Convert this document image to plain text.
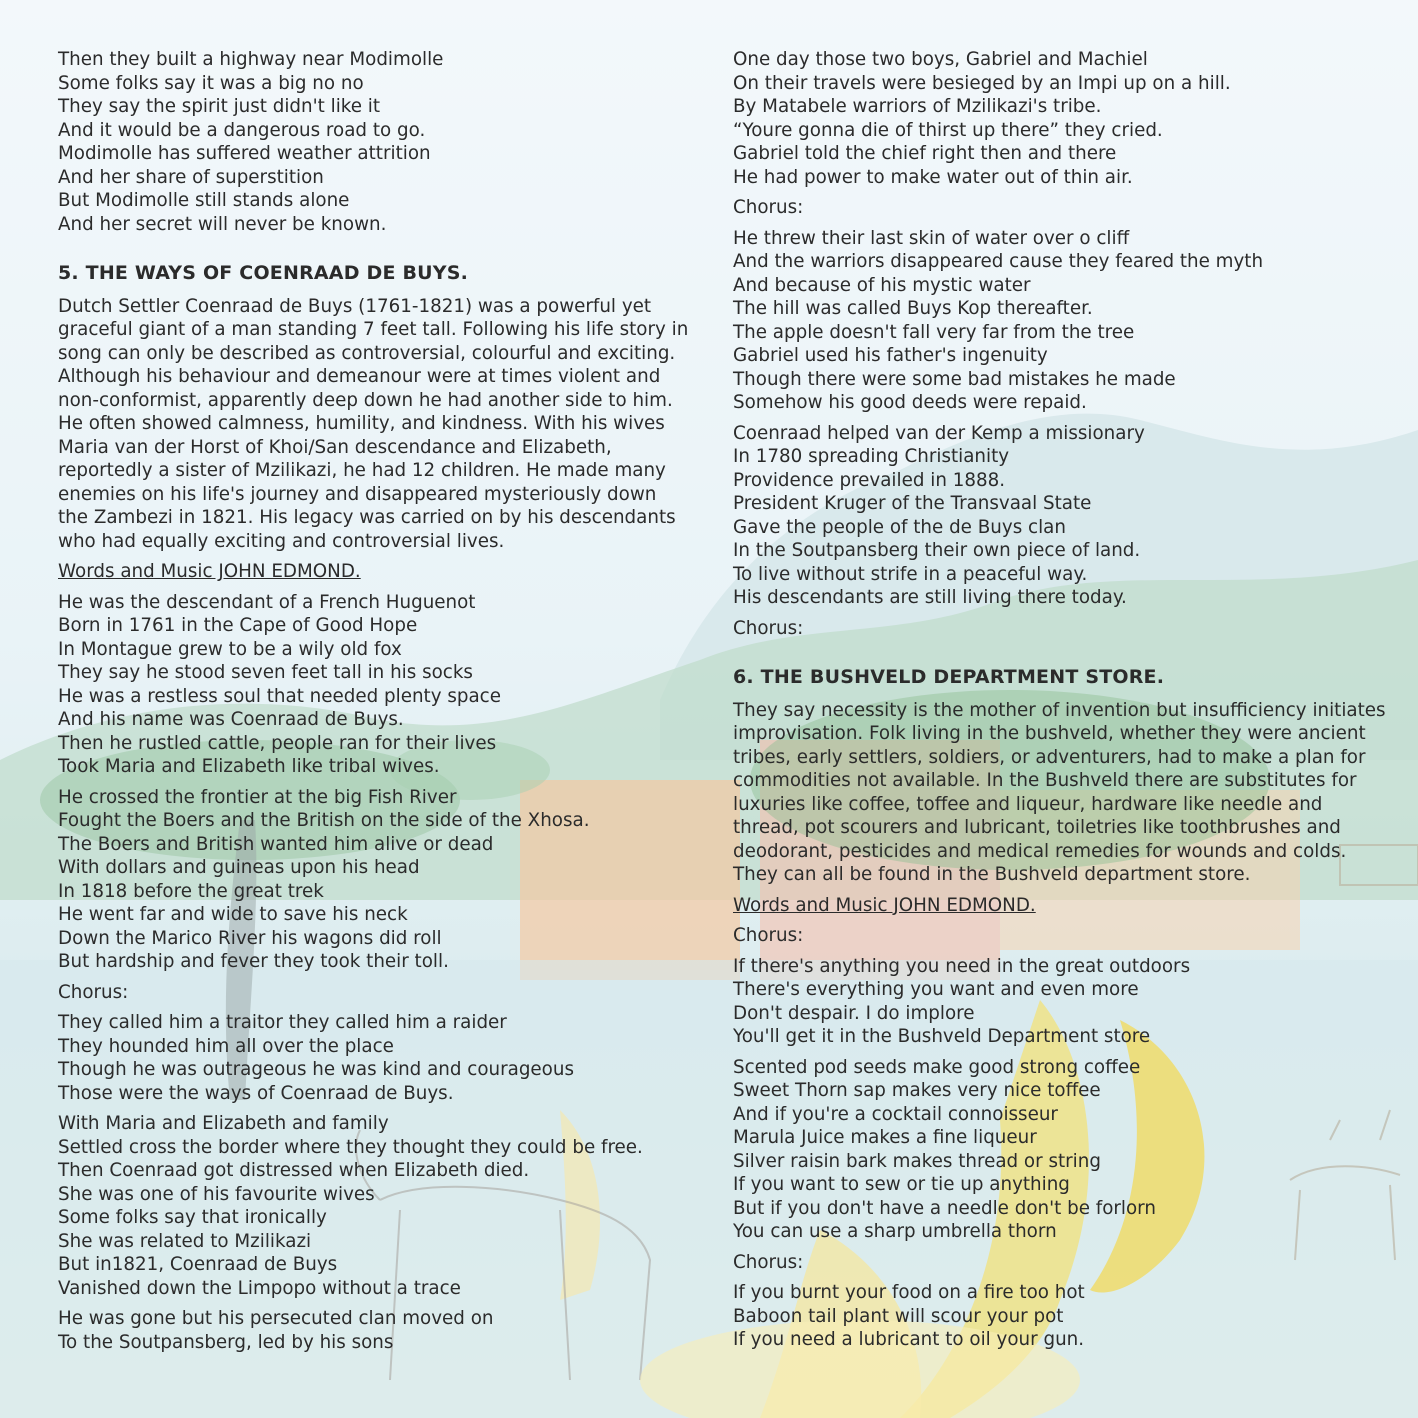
Then they built a highway near Modimolle
Some folks say it was a big no no
They say the spirit just didn't like it
And it would be a dangerous road to go.
Modimolle has suffered weather attrition
And her share of superstition
But Modimolle still stands alone
And her secret will never be known.
5. THE WAYS OF COENRAAD DE BUYS.
Dutch Settler Coenraad de Buys (1761-1821) was a powerful yet
graceful giant of a man standing 7 feet tall. Following his life story in
song can only be described as controversial, colourful and exciting.
Although his behaviour and demeanour were at times violent and
non-conformist, apparently deep down he had another side to him.
He often showed calmness, humility, and kindness. With his wives
Maria van der Horst of Khoi/San descendance and Elizabeth,
reportedly a sister of Mzilikazi, he had 12 children. He made many
enemies on his life's journey and disappeared mysteriously down
the Zambezi in 1821. His legacy was carried on by his descendants
who had equally exciting and controversial lives.
Words and Music JOHN EDMOND.
He was the descendant of a French Huguenot
Born in 1761 in the Cape of Good Hope
In Montague grew to be a wily old fox
They say he stood seven feet tall in his socks
He was a restless soul that needed plenty space
And his name was Coenraad de Buys.
Then he rustled cattle, people ran for their lives
Took Maria and Elizabeth like tribal wives.
He crossed the frontier at the big Fish River
Fought the Boers and the British on the side of the Xhosa.
The Boers and British wanted him alive or dead
With dollars and guineas upon his head
In 1818 before the great trek
He went far and wide to save his neck
Down the Marico River his wagons did roll
But hardship and fever they took their toll.
Chorus:
They called him a traitor they called him a raider
They hounded him all over the place
Though he was outrageous he was kind and courageous
Those were the ways of Coenraad de Buys.
With Maria and Elizabeth and family
Settled cross the border where they thought they could be free.
Then Coenraad got distressed when Elizabeth died.
She was one of his favourite wives
Some folks say that ironically
She was related to Mzilikazi
But in1821, Coenraad de Buys
Vanished down the Limpopo without a trace
He was gone but his persecuted clan moved on
To the Soutpansberg, led by his sons
One day those two boys, Gabriel and Machiel
On their travels were besieged by an Impi up on a hill.
By Matabele warriors of Mzilikazi's tribe.
“Youre gonna die of thirst up there” they cried.
Gabriel told the chief right then and there
He had power to make water out of thin air.
Chorus:
He threw their last skin of water over o cliff
And the warriors disappeared cause they feared the myth
And because of his mystic water
The hill was called Buys Kop thereafter.
The apple doesn't fall very far from the tree
Gabriel used his father's ingenuity
Though there were some bad mistakes he made
Somehow his good deeds were repaid.
Coenraad helped van der Kemp a missionary
In 1780 spreading Christianity
Providence prevailed in 1888.
President Kruger of the Transvaal State
Gave the people of the de Buys clan
In the Soutpansberg their own piece of land.
To live without strife in a peaceful way.
His descendants are still living there today.
Chorus:
6. THE BUSHVELD DEPARTMENT STORE.
They say necessity is the mother of invention but insufficiency initiates
improvisation. Folk living in the bushveld, whether they were ancient
tribes, early settlers, soldiers, or adventurers, had to make a plan for
commodities not available. In the Bushveld there are substitutes for
luxuries like coffee, toffee and liqueur, hardware like needle and
thread, pot scourers and lubricant, toiletries like toothbrushes and
deodorant, pesticides and medical remedies for wounds and colds.
They can all be found in the Bushveld department store.
Words and Music JOHN EDMOND.
Chorus:
If there's anything you need in the great outdoors
There's everything you want and even more
Don't despair. I do implore
You'll get it in the Bushveld Department store
Scented pod seeds make good strong coffee
Sweet Thorn sap makes very nice toffee
And if you're a cocktail connoisseur
Marula Juice makes a fine liqueur
Silver raisin bark makes thread or string
If you want to sew or tie up anything
But if you don't have a needle don't be forlorn
You can use a sharp umbrella thorn
Chorus:
If you burnt your food on a fire too hot
Baboon tail plant will scour your pot
If you need a lubricant to oil your gun.
